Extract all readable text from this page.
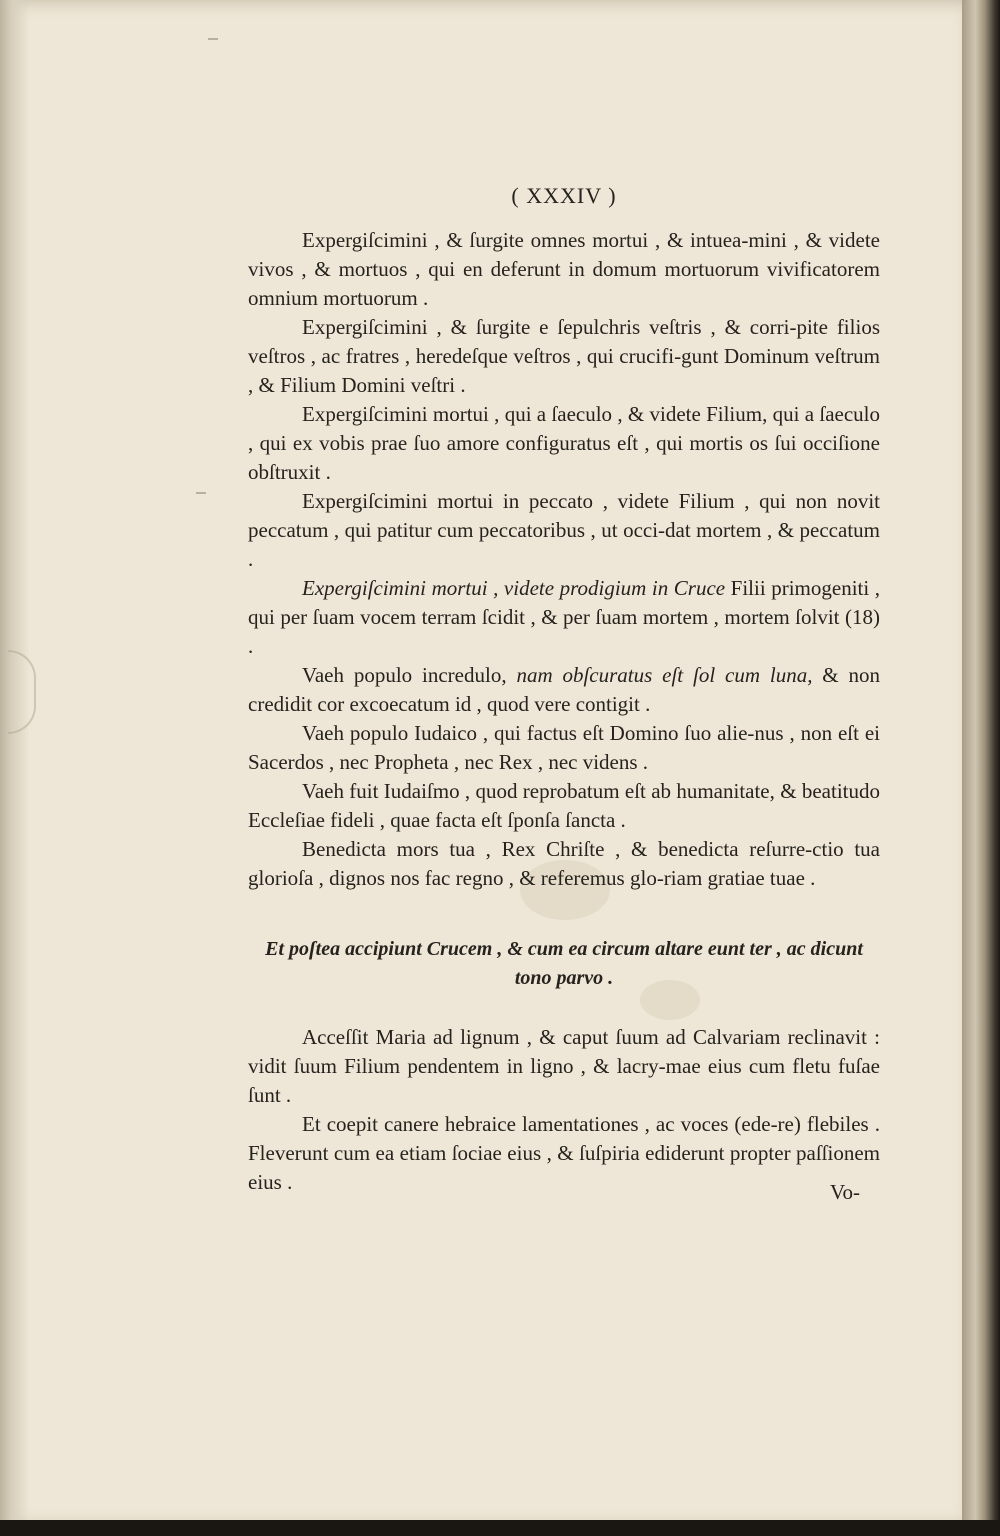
( XXXIV )

Expergiſcimini , & ſurgite omnes mortui , & intuea-mini , & videte vivos , & mortuos , qui en deferunt in domum mortuorum vivificatorem omnium mortuorum .

Expergiſcimini , & ſurgite e ſepulchris veſtris , & corri-pite filios veſtros , ac fratres , heredeſque veſtros , qui crucifi-gunt Dominum veſtrum , & Filium Domini veſtri .

Expergiſcimini mortui , qui a ſaeculo , & videte Filium, qui a ſaeculo , qui ex vobis prae ſuo amore configuratus eſt , qui mortis os ſui occiſione obſtruxit .

Expergiſcimini mortui in peccato , videte Filium , qui non novit peccatum , qui patitur cum peccatoribus , ut occi-dat mortem , & peccatum .

Expergiſcimini mortui , videte prodigium in Cruce Filii primogeniti , qui per ſuam vocem terram ſcidit , & per ſuam mortem , mortem ſolvit (18) .

Vaeh populo incredulo, nam obſcuratus eſt ſol cum luna, & non credidit cor excoecatum id , quod vere contigit .

Vaeh populo Iudaico , qui factus eſt Domino ſuo alie-nus , non eſt ei Sacerdos , nec Propheta , nec Rex , nec videns .

Vaeh fuit Iudaiſmo , quod reprobatum eſt ab humanitate, & beatitudo Eccleſiae fideli , quae facta eſt ſponſa ſancta .

Benedicta mors tua , Rex Chriſte , & benedicta reſurre-ctio tua glorioſa , dignos nos fac regno , & referemus glo-riam gratiae tuae .

Et poſtea accipiunt Crucem , & cum ea circum altare eunt ter , ac dicunt tono parvo .

Acceſſit Maria ad lignum , & caput ſuum ad Calvariam reclinavit : vidit ſuum Filium pendentem in ligno , & lacry-mae eius cum fletu fuſae ſunt .

Et coepit canere hebraice lamentationes , ac voces (ede-re) flebiles . Fleverunt cum ea etiam ſociae eius , & ſuſpiria ediderunt propter paſſionem eius .	Vo-
